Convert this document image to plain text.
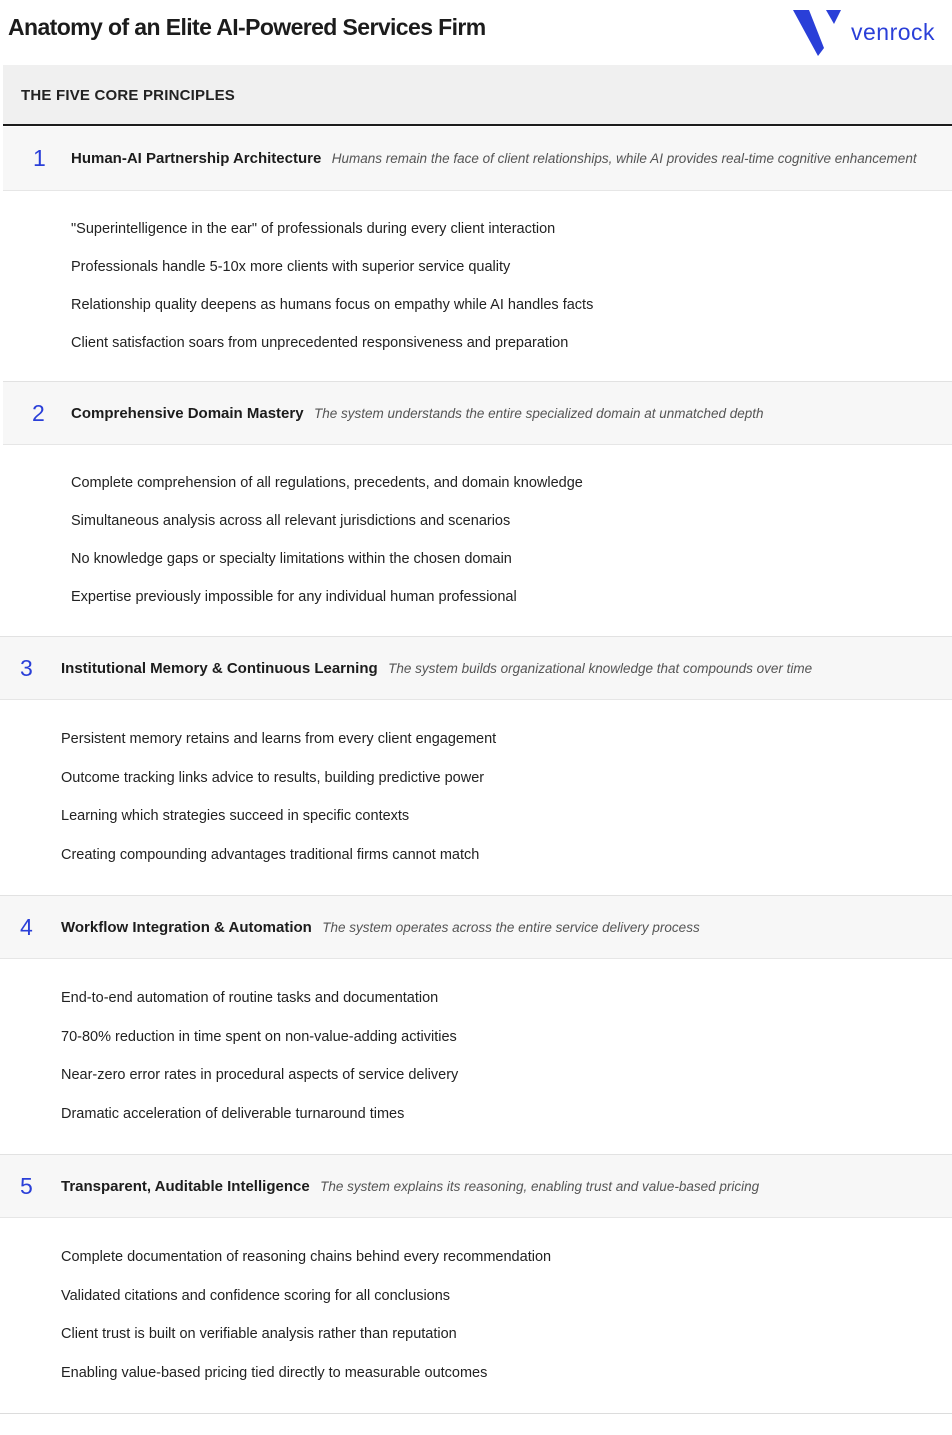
Anatomy of an Elite AI-Powered Services Firm	venrock
THE FIVE CORE PRINCIPLES
1 Human-AI Partnership Architecture Humans remain the face of client relationships, while AI provides real-time cognitive enhancement
"Superintelligence in the ear" of professionals during every client interaction
Professionals handle 5-10x more clients with superior service quality
Relationship quality deepens as humans focus on empathy while AI handles facts
Client satisfaction soars from unprecedented responsiveness and preparation
2 Comprehensive Domain Mastery The system understands the entire specialized domain at unmatched depth
Complete comprehension of all regulations, precedents, and domain knowledge
Simultaneous analysis across all relevant jurisdictions and scenarios
No knowledge gaps or specialty limitations within the chosen domain
Expertise previously impossible for any individual human professional
3 Institutional Memory & Continuous Learning The system builds organizational knowledge that compounds over time
Persistent memory retains and learns from every client engagement
Outcome tracking links advice to results, building predictive power
Learning which strategies succeed in specific contexts
Creating compounding advantages traditional firms cannot match
4 Workflow Integration & Automation The system operates across the entire service delivery process
End-to-end automation of routine tasks and documentation
70-80% reduction in time spent on non-value-adding activities
Near-zero error rates in procedural aspects of service delivery
Dramatic acceleration of deliverable turnaround times
5 Transparent, Auditable Intelligence The system explains its reasoning, enabling trust and value-based pricing
Complete documentation of reasoning chains behind every recommendation
Validated citations and confidence scoring for all conclusions
Client trust is built on verifiable analysis rather than reputation
Enabling value-based pricing tied directly to measurable outcomes
